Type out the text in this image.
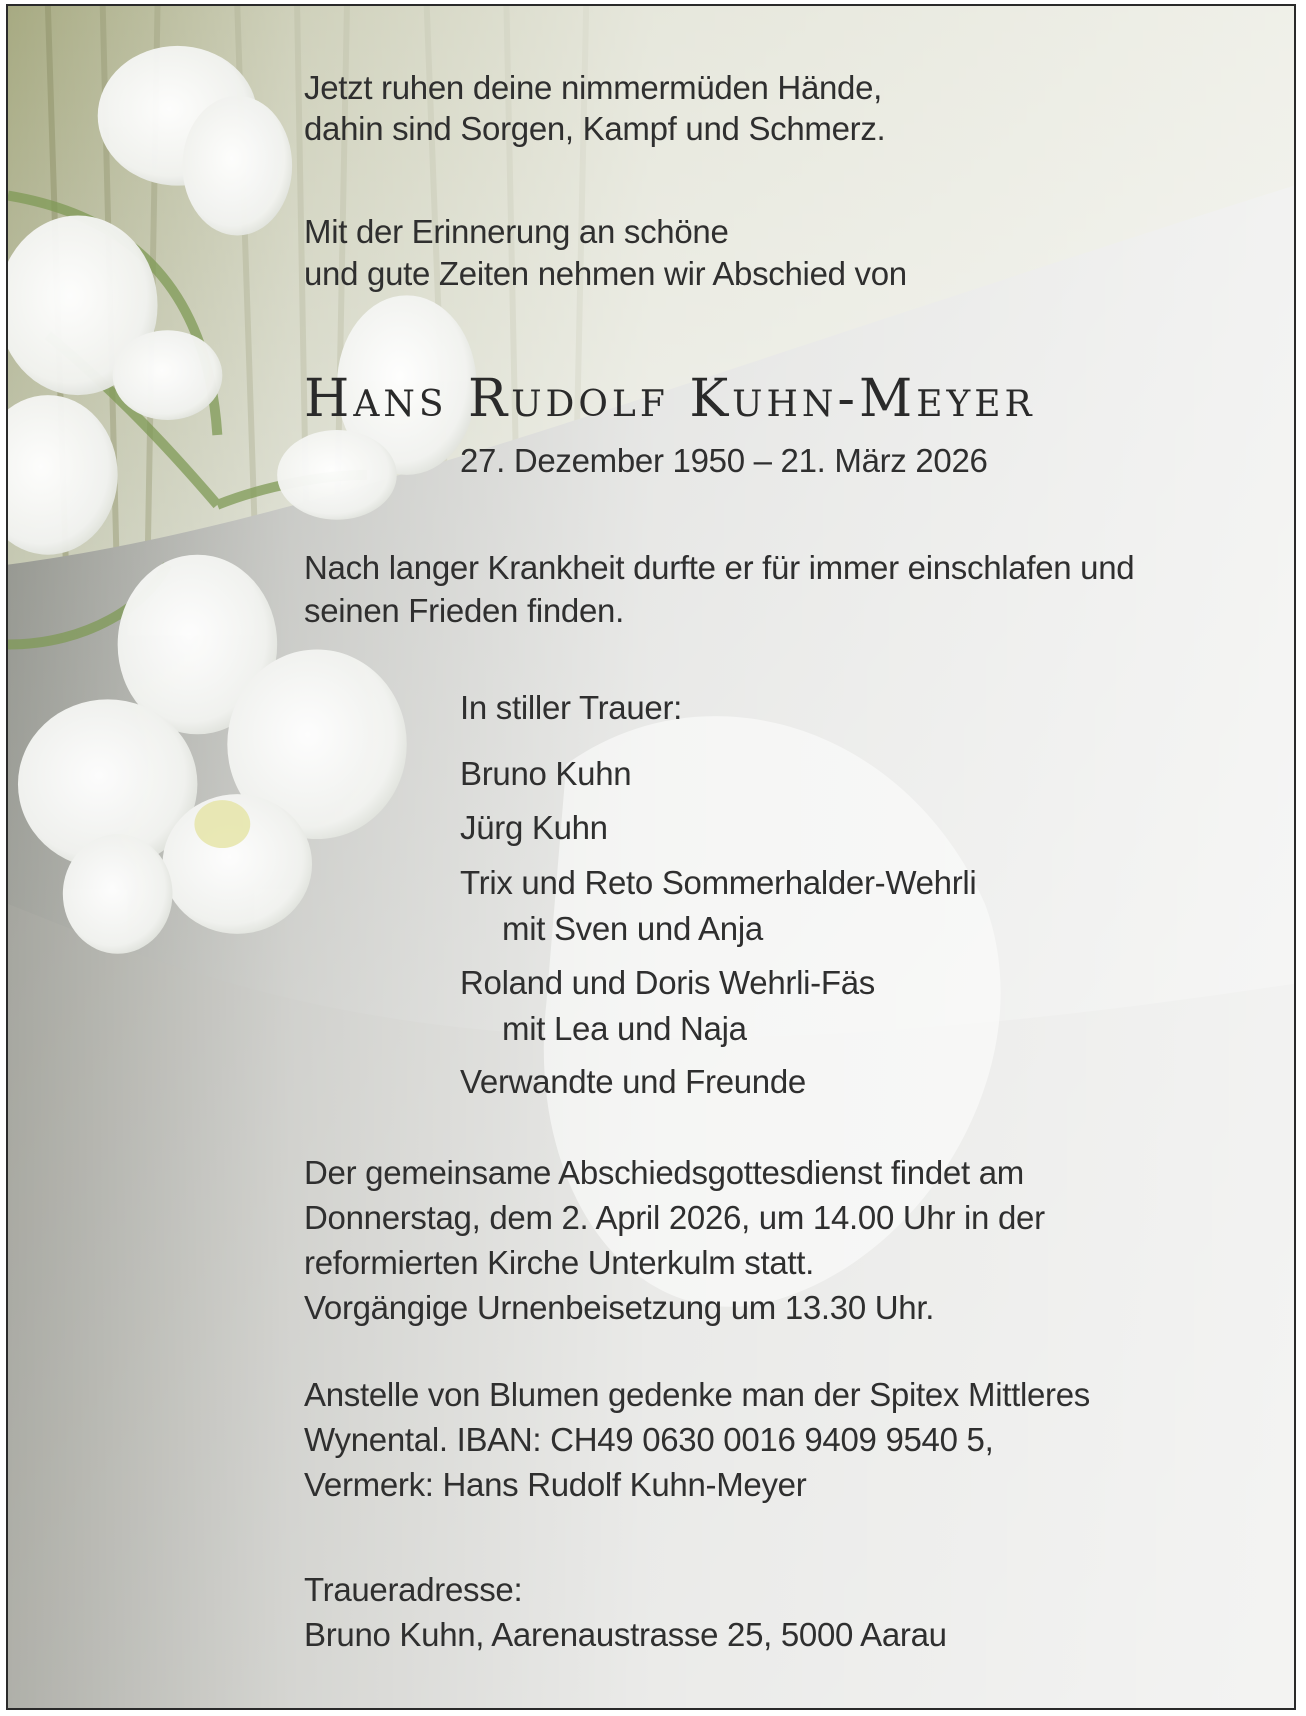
Jetzt ruhen deine nimmermüden Hände,

dahin sind Sorgen, Kampf und Schmerz.

Mit der Erinnerung an schöne

und gute Zeiten nehmen wir Abschied von

Hans Rudolf Kuhn-Meyer

27. Dezember 1950 – 21. März 2026

Nach langer Krankheit durfte er für immer einschlafen und

seinen Frieden finden.

In stiller Trauer:

Bruno Kuhn

Jürg Kuhn

Trix und Reto Sommerhalder-Wehrli

mit Sven und Anja

Roland und Doris Wehrli-Fäs

mit Lea und Naja

Verwandte und Freunde

Der gemeinsame Abschiedsgottesdienst findet am

Donnerstag, dem 2. April 2026, um 14.00 Uhr in der

reformierten Kirche Unterkulm statt.

Vorgängige Urnenbeisetzung um 13.30 Uhr.

Anstelle von Blumen gedenke man der Spitex Mittleres

Wynental. IBAN: CH49 0630 0016 9409 9540 5,

Vermerk: Hans Rudolf Kuhn-Meyer

Traueradresse:

Bruno Kuhn, Aarenaustrasse 25, 5000 Aarau
